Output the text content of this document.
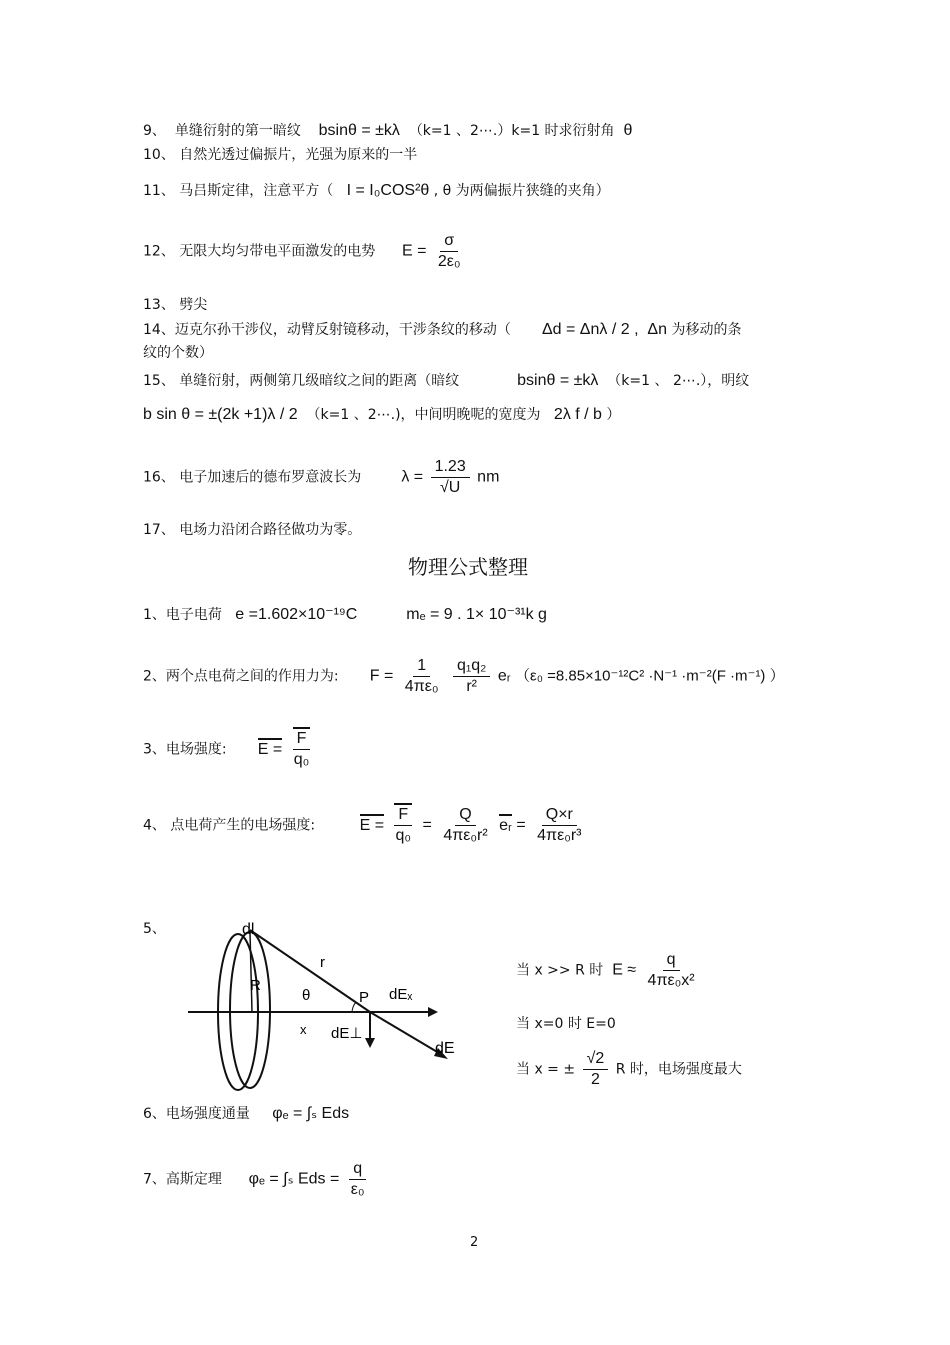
9、 单缝衍射的第一暗纹 bsinθ = ±kλ （k=1 、2⋯.）k=1 时求衍射角 θ
10、 自然光透过偏振片，光强为原来的一半
11、 马吕斯定律，注意平方（ I = I₀COS²θ , θ 为两偏振片狭缝的夹角）
12、 无限大均匀带电平面激发的电势 $E = \frac{\sigma}{\text{2ε₀}}$
13、 劈尖
14、迈克尔孙干涉仪，动臂反射镜移动，干涉条纹的移动（ Δd = Δnλ / 2 , Δn 为移动的条
纹的个数）
15、 单缝衍射，两侧第几级暗纹之间的距离（暗纹	bsinθ = ±kλ （k=1 、 2⋯.），明纹
b sin θ = ±(2k +1)λ / 2 （k=1 、2⋯.)，中间明晚呢的宽度为 2λ f / b ）
16、 电子加速后的德布罗意波长为	$\lambda = \frac{1.23}{√U}$ nm
17、 电场力沿闭合路径做功为零。
物理公式整理
1、电子电荷 e =1.602×10⁻¹⁹C	mₑ = 9 . 1× 10⁻³¹k g
2、两个点电荷之间的作用力为: $F = \frac{1}{\text{4πε₀}}$
$\frac{\text{q₁q₂}}{\text{r²}}$ eᵣ （ε₀ =8.85×10⁻¹²C² ·N⁻¹ ·m⁻²(F ·m⁻¹) ）
3、电场强度: $E = \frac{F}{\text{q₀}}$
4、 点电荷产生的电场强度:	$E = \frac{F}{\text{q₀}} = \frac{Q}{\text{4πε₀r²}}$ eᵣ = $\frac{Q\times r}{\text{4πε₀r³}}$
5、	dl
r
R
θ	P dEₓ
x dE⊥
dE
当 x >> R 时 $E \approx \frac{q}{\text{4πε₀x²}}$
当 x=0 时 E=0
当 x = ± $\frac{√2}{2}$ R 时，电场强度最大
6、电场强度通量 φₑ = ∫ₛ Eds
7、高斯定理 φₑ = ∫ₛ Eds = $\frac{q}{\text{ε₀}}$
2
